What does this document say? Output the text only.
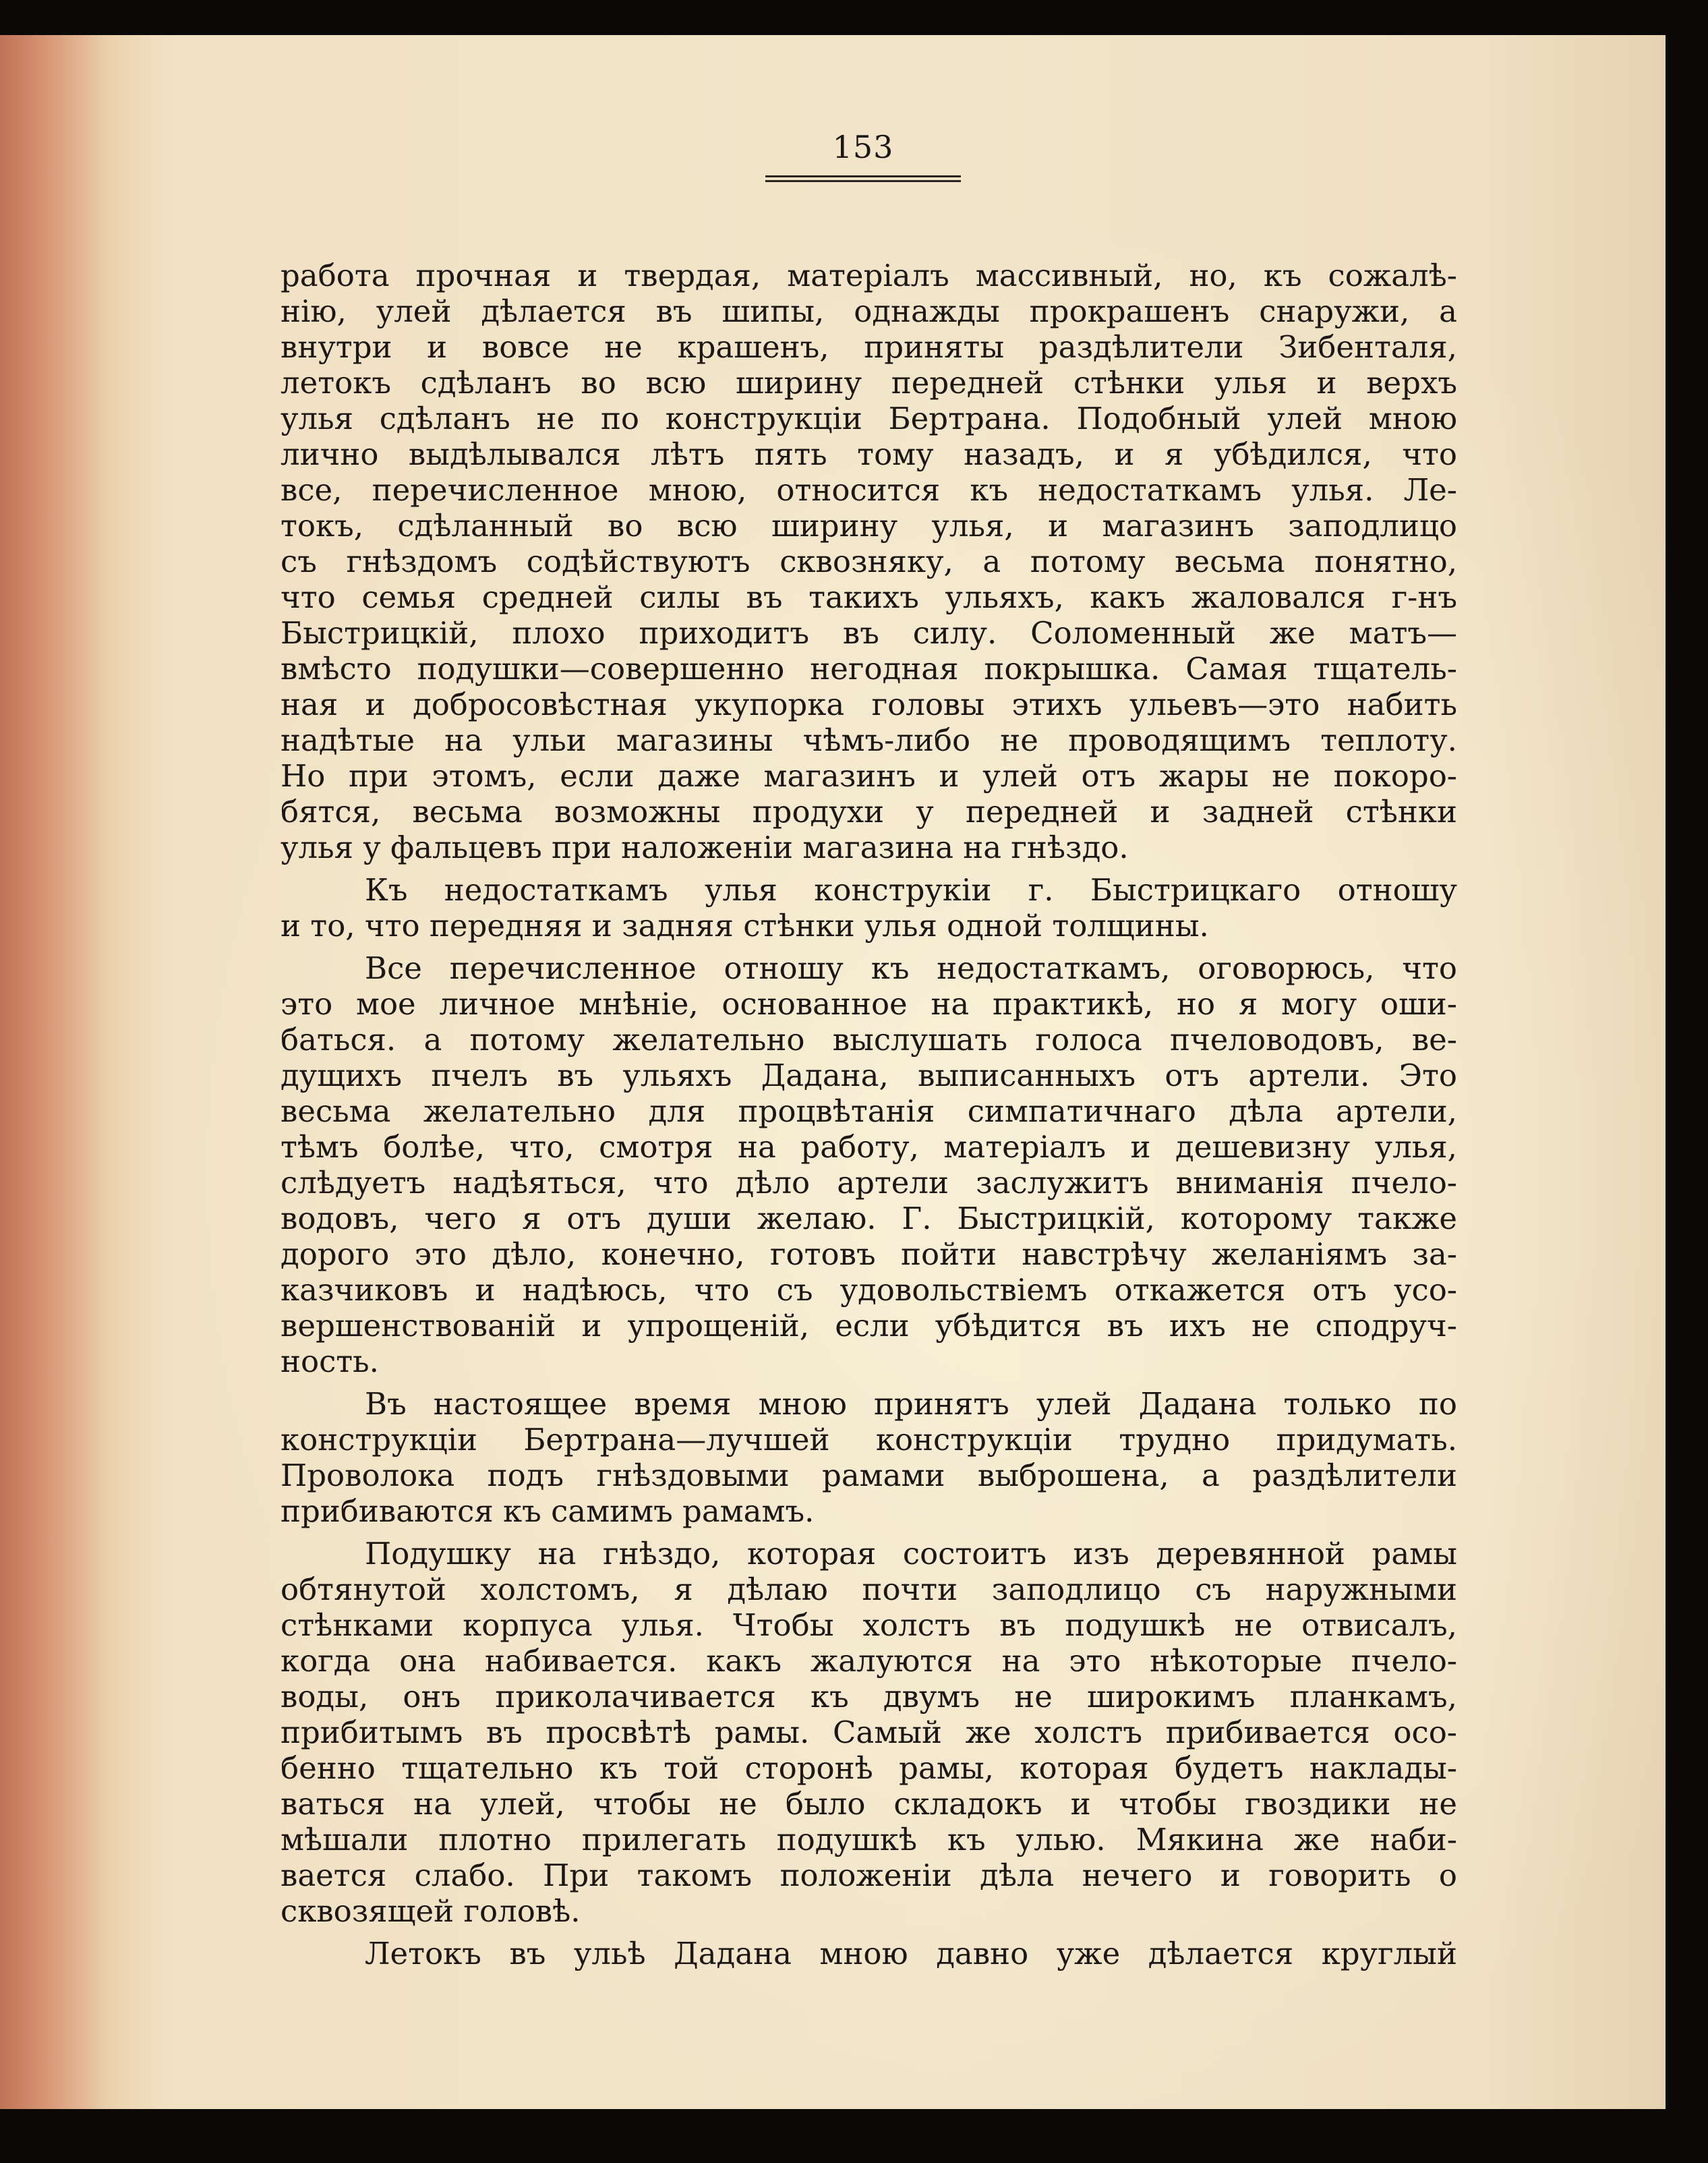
153
работа прочная и твердая, матеріалъ массивный, но, къ сожалѣ-
нію, улей дѣлается въ шипы, однажды прокрашенъ снаружи, а
внутри и вовсе не крашенъ, приняты раздѣлители Зибенталя,
летокъ сдѣланъ во всю ширину передней стѣнки улья и верхъ
улья сдѣланъ не по конструкціи Бертрана. Подобный улей мною
лично выдѣлывался лѣтъ пять тому назадъ, и я убѣдился, что
все, перечисленное мною, относится къ недостаткамъ улья. Ле-
токъ, сдѣланный во всю ширину улья, и магазинъ заподлицо
съ гнѣздомъ содѣйствуютъ сквозняку, а потому весьма понятно,
что семья средней силы въ такихъ ульяхъ, какъ жаловался г-нъ
Быстрицкій, плохо приходитъ въ силу. Соломенный же матъ—
вмѣсто подушки—совершенно негодная покрышка. Самая тщатель-
ная и добросовѣстная укупорка головы этихъ ульевъ—это набить
надѣтые на ульи магазины чѣмъ-либо не проводящимъ теплоту.
Но при этомъ, если даже магазинъ и улей отъ жары не покоро-
бятся, весьма возможны продухи у передней и задней стѣнки
улья у фальцевъ при наложеніи магазина на гнѣздо.
Къ недостаткамъ улья конструкіи г. Быстрицкаго отношу
и то, что передняя и задняя стѣнки улья одной толщины.
Все перечисленное отношу къ недостаткамъ, оговорюсь, что
это мое личное мнѣніе, основанное на практикѣ, но я могу оши-
баться. а потому желательно выслушать голоса пчеловодовъ, ве-
дущихъ пчелъ въ ульяхъ Дадана, выписанныхъ отъ артели. Это
весьма желательно для процвѣтанія симпатичнаго дѣла артели,
тѣмъ болѣе, что, смотря на работу, матеріалъ и дешевизну улья,
слѣдуетъ надѣяться, что дѣло артели заслужитъ вниманія пчело-
водовъ, чего я отъ души желаю. Г. Быстрицкій, которому также
дорого это дѣло, конечно, готовъ пойти навстрѣчу желаніямъ за-
казчиковъ и надѣюсь, что съ удовольствіемъ откажется отъ усо-
вершенствованій и упрощеній, если убѣдится въ ихъ не сподруч-
ность.
Въ настоящее время мною принятъ улей Дадана только по
конструкціи Бертрана—лучшей конструкціи трудно придумать.
Проволока подъ гнѣздовыми рамами выброшена, а раздѣлители
прибиваются къ самимъ рамамъ.
Подушку на гнѣздо, которая состоитъ изъ деревянной рамы
обтянутой холстомъ, я дѣлаю почти заподлицо съ наружными
стѣнками корпуса улья. Чтобы холстъ въ подушкѣ не отвисалъ,
когда она набивается. какъ жалуются на это нѣкоторые пчело-
воды, онъ приколачивается къ двумъ не широкимъ планкамъ,
прибитымъ въ просвѣтѣ рамы. Самый же холстъ прибивается осо-
бенно тщательно къ той сторонѣ рамы, которая будетъ наклады-
ваться на улей, чтобы не было складокъ и чтобы гвоздики не
мѣшали плотно прилегать подушкѣ къ улью. Мякина же наби-
вается слабо. При такомъ положеніи дѣла нечего и говорить о
сквозящей головѣ.
Летокъ въ ульѣ Дадана мною давно уже дѣлается круглый
